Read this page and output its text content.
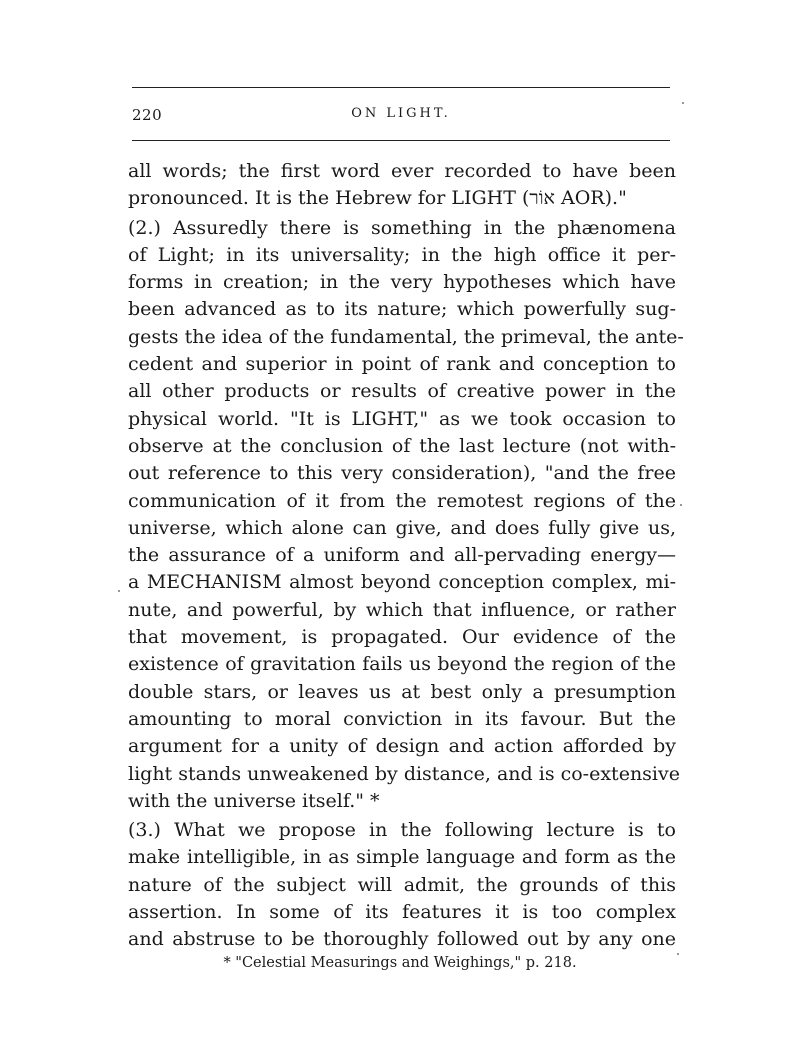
220	ON LIGHT.
all words; the first word ever recorded to have been
pronounced. It is the Hebrew for LIGHT (אוֹר AOR)."
(2.) Assuredly there is something in the phænomena
of Light; in its universality; in the high office it per-
forms in creation; in the very hypotheses which have
been advanced as to its nature; which powerfully sug-
gests the idea of the fundamental, the primeval, the ante-
cedent and superior in point of rank and conception to
all other products or results of creative power in the
physical world. "It is LIGHT," as we took occasion to
observe at the conclusion of the last lecture (not with-
out reference to this very consideration), "and the free
communication of it from the remotest regions of the
universe, which alone can give, and does fully give us,
the assurance of a uniform and all-pervading energy—
a MECHANISM almost beyond conception complex, mi-
nute, and powerful, by which that influence, or rather
that movement, is propagated. Our evidence of the
existence of gravitation fails us beyond the region of the
double stars, or leaves us at best only a presumption
amounting to moral conviction in its favour. But the
argument for a unity of design and action afforded by
light stands unweakened by distance, and is co-extensive
with the universe itself." *
(3.) What we propose in the following lecture is to
make intelligible, in as simple language and form as the
nature of the subject will admit, the grounds of this
assertion. In some of its features it is too complex
and abstruse to be thoroughly followed out by any one
* "Celestial Measurings and Weighings," p. 218.
